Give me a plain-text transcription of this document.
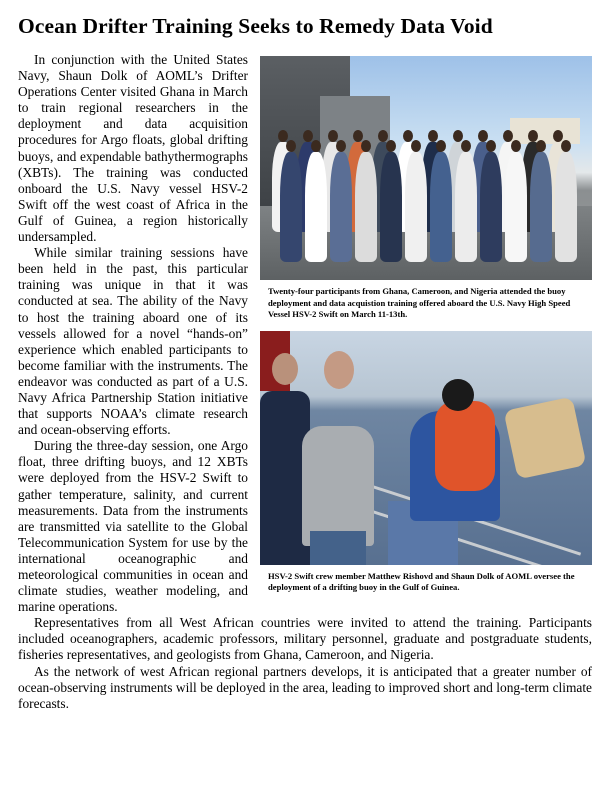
Ocean Drifter Training Seeks to Remedy Data Void
Twenty-four participants from Ghana, Cameroon, and Nigeria attended the buoy deployment and data acquistion training offered aboard the U.S. Navy High Speed Vessel HSV-2 Swift on March 11-13th.

In conjunction with the United States Navy, Shaun Dolk of AOML’s Drifter Operations Center visited Ghana in March to train regional researchers in the deployment and data acquisition procedures for Argo floats, global drifting buoys, and expendable bathythermographs (XBTs). The training was conducted onboard the U.S. Navy vessel HSV-2 Swift off the west coast of Africa in the Gulf of Guinea, a region historically undersampled.

HSV-2 Swift crew member Matthew Rishovd and Shaun Dolk of AOML oversee the deployment of a drifting buoy in the Gulf of Guinea.

While similar training sessions have been held in the past, this particular training was unique in that it was conducted at sea. The ability of the Navy to host the training aboard one of its vessels allowed for a novel “hands-on” experience which enabled participants to become familiar with the instruments. The endeavor was conducted as part of a U.S. Navy Africa Partnership Station initiative that supports NOAA’s climate research and ocean-observing efforts.

During the three-day session, one Argo float, three drifting buoys, and 12 XBTs were deployed from the HSV-2 Swift to gather temperature, salinity, and current measurements. Data from the instruments are transmitted via satellite to the Global Telecommunication System for use by the international oceanographic and meteorological communities in ocean and climate studies, weather modeling, and marine operations.

Representatives from all West African countries were invited to attend the training. Participants included oceanographers, academic professors, military personnel, graduate and postgraduate students, fisheries representatives, and geologists from Ghana, Cameroon, and Nigeria.

As the network of west African regional partners develops, it is anticipated that a greater number of ocean-observing instruments will be deployed in the area, leading to improved short and long-term climate forecasts.
